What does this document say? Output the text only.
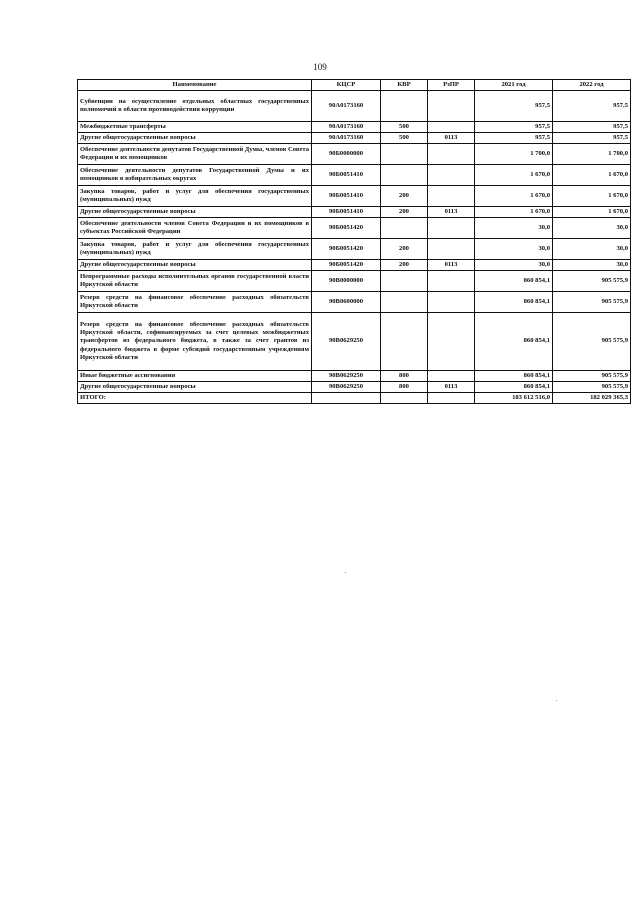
109
Наименование	КЦСР	КВР	РзПР	2021 год	2022 год
Субвенции на осуществление отдельных областных государственных полномочий в области противодействия коррупции	90А0173160			957,5	957,5
Межбюджетные трансферты	90А0173160	500		957,5	957,5
Другие общегосударственные вопросы	90А0173160	500	0113	957,5	957,5
Обеспечение деятельности депутатов Государственной Думы, членов Совета Федерации и их помощников	90Б0000000			1 700,0	1 700,0
Обеспечение деятельности депутатов Государственной Думы и их помощников в избирательных округах	90Б0051410			1 670,0	1 670,0
Закупка товаров, работ и услуг для обеспечения государственных (муниципальных) нужд	90Б0051410	200		1 670,0	1 670,0
Другие общегосударственные вопросы	90Б0051410	200	0113	1 670,0	1 670,0
Обеспечение деятельности членов Совета Федерации и их помощников в субъектах Российской Федерации	90Б0051420			30,0	30,0
Закупка товаров, работ и услуг для обеспечения государственных (муниципальных) нужд	90Б0051420	200		30,0	30,0
Другие общегосударственные вопросы	90Б0051420	200	0113	30,0	30,0
Непрограммные расходы исполнительных органов государственной власти Иркутской области	90В0000000			860 854,1	905 575,9
Резерв средств на финансовое обеспечение расходных обязательств Иркутской области	90В0600000			860 854,1	905 575,9
Резерв средств на финансовое обеспечение расходных обязательств Иркутской области, софинансируемых за счет целевых межбюджетных трансфертов из федерального бюджета, в также за счет грантов из федерального бюджета в форме субсидий государственным учреждениям Иркутской области	90В0629250			860 854,1	905 575,9
Иные бюджетные ассигнования	90В0629250	800		860 854,1	905 575,9
Другие общегосударственные вопросы	90В0629250	800	0113	860 854,1	905 575,9
ИТОГО:				183 612 516,0	182 029 365,3
